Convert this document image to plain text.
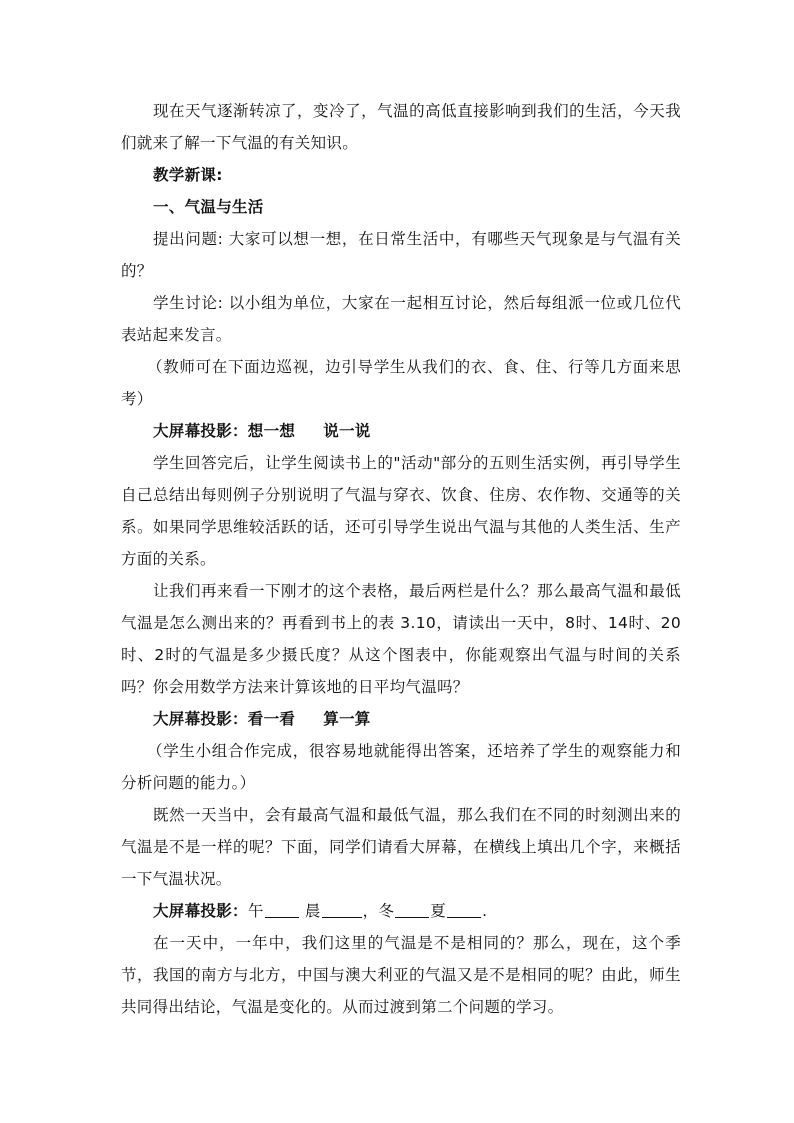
现在天气逐渐转凉了，变冷了，气温的高低直接影响到我们的生活，今天我们就来了解一下气温的有关知识。

教学新课:

一、气温与生活

提出问题: 大家可以想一想，在日常生活中，有哪些天气现象是与气温有关的？

学生讨论: 以小组为单位，大家在一起相互讨论，然后每组派一位或几位代表站起来发言。

（教师可在下面边巡视，边引导学生从我们的衣、食、住、行等几方面来思考）

大屏幕投影：想一想 说一说

学生回答完后，让学生阅读书上的"活动"部分的五则生活实例，再引导学生自己总结出每则例子分别说明了气温与穿衣、饮食、住房、农作物、交通等的关系。如果同学思维较活跃的话，还可引导学生说出气温与其他的人类生活、生产方面的关系。

让我们再来看一下刚才的这个表格，最后两栏是什么？那么最高气温和最低气温是怎么测出来的？再看到书上的表 3.10，请读出一天中，8时、14时、20时、2时的气温是多少摄氏度？从这个图表中，你能观察出气温与时间的关系吗？你会用数学方法来计算该地的日平均气温吗？

大屏幕投影：看一看 算一算

（学生小组合作完成，很容易地就能得出答案，还培养了学生的观察能力和分析问题的能力。）

既然一天当中，会有最高气温和最低气温，那么我们在不同的时刻测出来的气温是不是一样的呢？下面，同学们请看大屏幕，在横线上填出几个字，来概括一下气温状况。

大屏幕投影：午	晨	，冬 夏 .

在一天中，一年中，我们这里的气温是不是相同的？那么，现在，这个季节，我国的南方与北方，中国与澳大利亚的气温又是不是相同的呢？由此，师生共同得出结论，气温是变化的。从而过渡到第二个问题的学习。
